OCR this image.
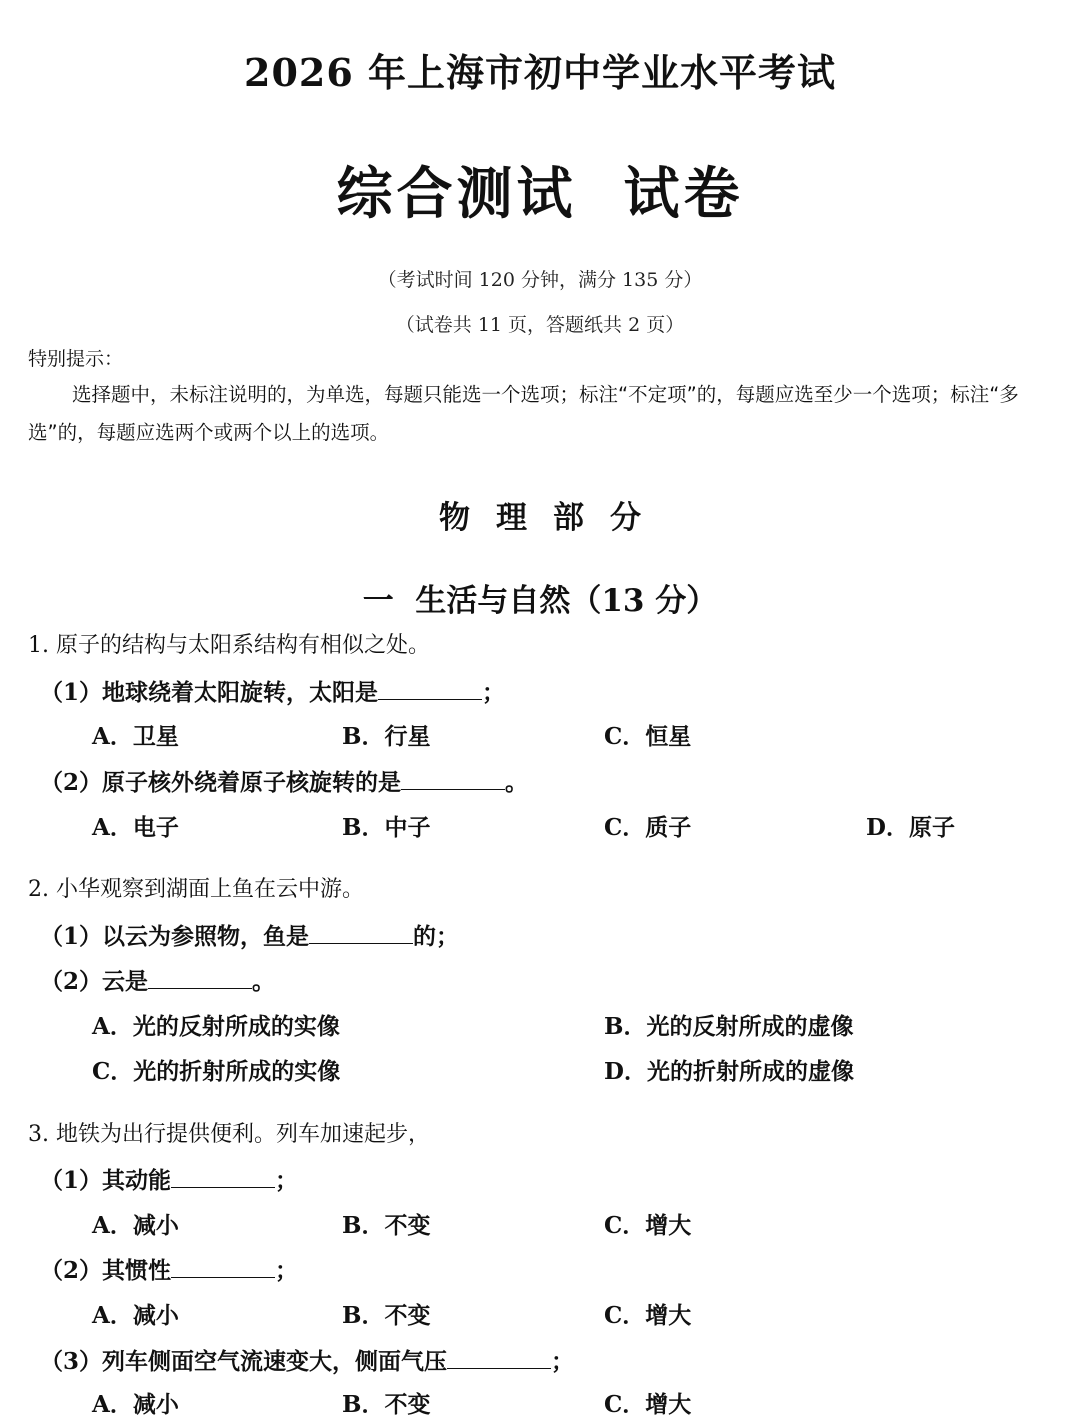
2026 年上海市初中学业水平考试
综合测试  试卷
（考试时间 120 分钟，满分 135 分）
（试卷共 11 页，答题纸共 2 页）
特别提示：
选择题中，未标注说明的，为单选，每题只能选一个选项；标注“不定项”的，每题应选至少一个选项；标注“多选”的，每题应选两个或两个以上的选项。
物理部分
一  生活与自然（13 分）
1. 原子的结构与太阳系结构有相似之处。
（1）地球绕着太阳旋转，太阳是	；
A．卫星	B．行星	C．恒星
（2）原子核外绕着原子核旋转的是	。
A．电子	B．中子	C．质子	D．原子
2. 小华观察到湖面上鱼在云中游。
（1）以云为参照物，鱼是	的；
（2）云是	。
A．光的反射所成的实像	B．光的反射所成的虚像
C．光的折射所成的实像	D．光的折射所成的虚像
3. 地铁为出行提供便利。列车加速起步，
（1）其动能	；
A．减小	B．不变	C．增大
（2）其惯性	；
A．减小	B．不变	C．增大
（3）列车侧面空气流速变大，侧面气压	；
A．减小	B．不变	C．增大
